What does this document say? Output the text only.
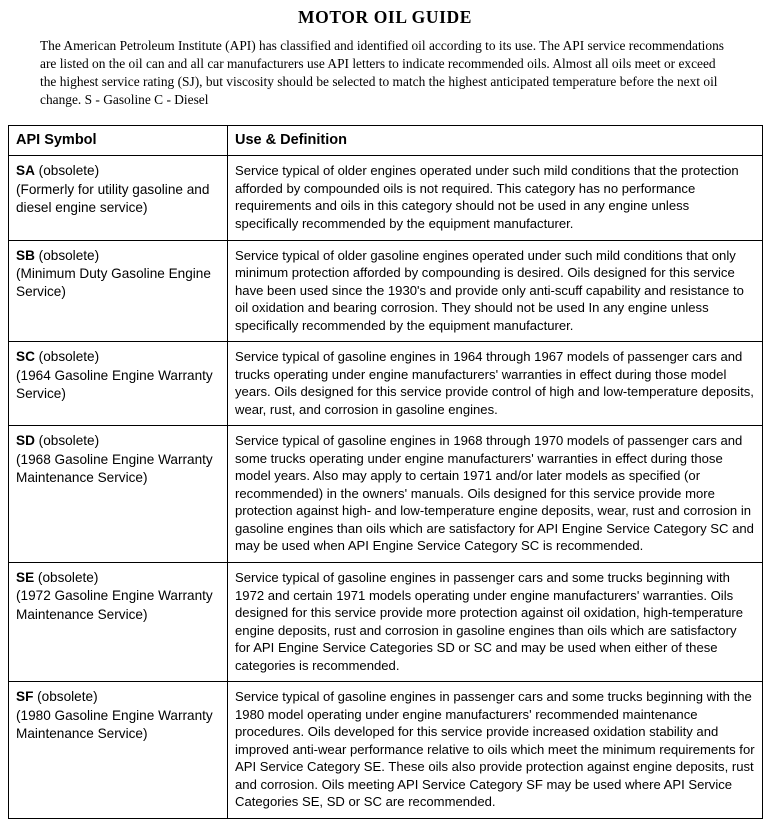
MOTOR OIL GUIDE

The American Petroleum Institute (API) has classified and identified oil according to its use. The API service recommendations are listed on the oil can and all car manufacturers use API letters to indicate recommended oils. Almost all oils meet or exceed the highest service rating (SJ), but viscosity should be selected to match the highest anticipated temperature before the next oil change. S - Gasoline C - Diesel

API Symbol	Use & Definition
SA (obsolete)
(Formerly for utility gasoline and diesel engine service)	Service typical of older engines operated under such mild conditions that the protection afforded by compounded oils is not required. This category has no performance requirements and oils in this category should not be used in any engine unless specifically recommended by the equipment manufacturer.
SB (obsolete)
(Minimum Duty Gasoline Engine Service)	Service typical of older gasoline engines operated under such mild conditions that only minimum protection afforded by compounding is desired. Oils designed for this service have been used since the 1930's and provide only anti-scuff capability and resistance to oil oxidation and bearing corrosion. They should not be used In any engine unless specifically recommended by the equipment manufacturer.
SC (obsolete)
(1964 Gasoline Engine Warranty Service)	Service typical of gasoline engines in 1964 through 1967 models of passenger cars and trucks operating under engine manufacturers' warranties in effect during those model years. Oils designed for this service provide control of high and low-temperature deposits, wear, rust, and corrosion in gasoline engines.
SD (obsolete)
(1968 Gasoline Engine Warranty Maintenance Service)	Service typical of gasoline engines in 1968 through 1970 models of passenger cars and some trucks operating under engine manufacturers' warranties in effect during those model years. Also may apply to certain 1971 and/or later models as specified (or recommended) in the owners' manuals. Oils designed for this service provide more protection against high- and low-temperature engine deposits, wear, rust and corrosion in gasoline engines than oils which are satisfactory for API Engine Service Category SC and may be used when API Engine Service Category SC is recommended.
SE (obsolete)
(1972 Gasoline Engine Warranty Maintenance Service)	Service typical of gasoline engines in passenger cars and some trucks beginning with 1972 and certain 1971 models operating under engine manufacturers' warranties. Oils designed for this service provide more protection against oil oxidation, high-temperature engine deposits, rust and corrosion in gasoline engines than oils which are satisfactory for API Engine Service Categories SD or SC and may be used when either of these categories is recommended.
SF (obsolete)
(1980 Gasoline Engine Warranty Maintenance Service)	Service typical of gasoline engines in passenger cars and some trucks beginning with the 1980 model operating under engine manufacturers' recommended maintenance procedures. Oils developed for this service provide increased oxidation stability and improved anti-wear performance relative to oils which meet the minimum requirements for API Service Category SE. These oils also provide protection against engine deposits, rust and corrosion. Oils meeting API Service Category SF may be used where API Service Categories SE, SD or SC are recommended.
